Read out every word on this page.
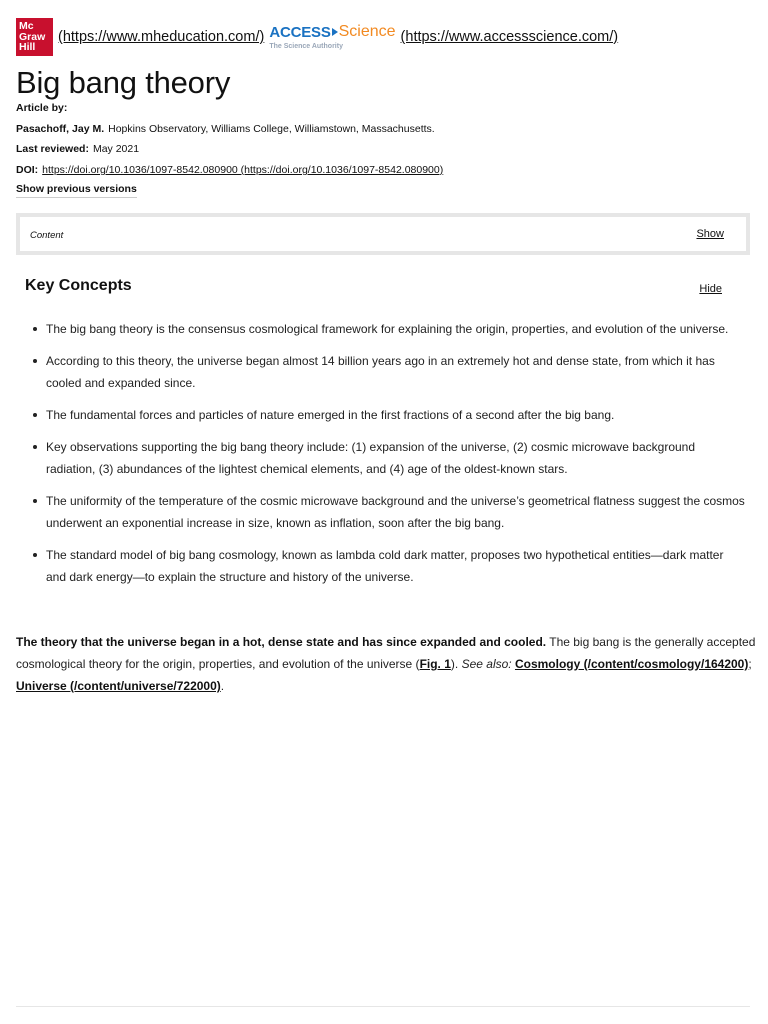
Mc
Graw
Hill
(https://www.mheducation.com/) ACCESS Science
The Science Authority
(https://www.accessscience.com/)
Big bang theory
Article by:
Pasachoff, Jay M. Hopkins Observatory, Williams College, Williamstown, Massachusetts.
Last reviewed: May 2021
DOI: https://doi.org/10.1036/1097-8542.080900 (https://doi.org/10.1036/1097-8542.080900)
Show previous versions
Content	Show
Key Concepts	Hide
The big bang theory is the consensus cosmological framework for explaining the origin, properties, and evolution of the universe.
According to this theory, the universe began almost 14 billion years ago in an extremely hot and dense state, from which it has cooled and expanded since.
The fundamental forces and particles of nature emerged in the first fractions of a second after the big bang.
Key observations supporting the big bang theory include: (1) expansion of the universe, (2) cosmic microwave background radiation, (3) abundances of the lightest chemical elements, and (4) age of the oldest-known stars.
The uniformity of the temperature of the cosmic microwave background and the universe’s geometrical flatness suggest the cosmos underwent an exponential increase in size, known as inflation, soon after the big bang.
The standard model of big bang cosmology, known as lambda cold dark matter, proposes two hypothetical entities—dark matter and dark energy—to explain the structure and history of the universe.

The theory that the universe began in a hot, dense state and has since expanded and cooled. The big bang is the generally accepted cosmological theory for the origin, properties, and evolution of the universe (Fig. 1). See also: Cosmology (/content/cosmology/164200); Universe (/content/universe/722000).
